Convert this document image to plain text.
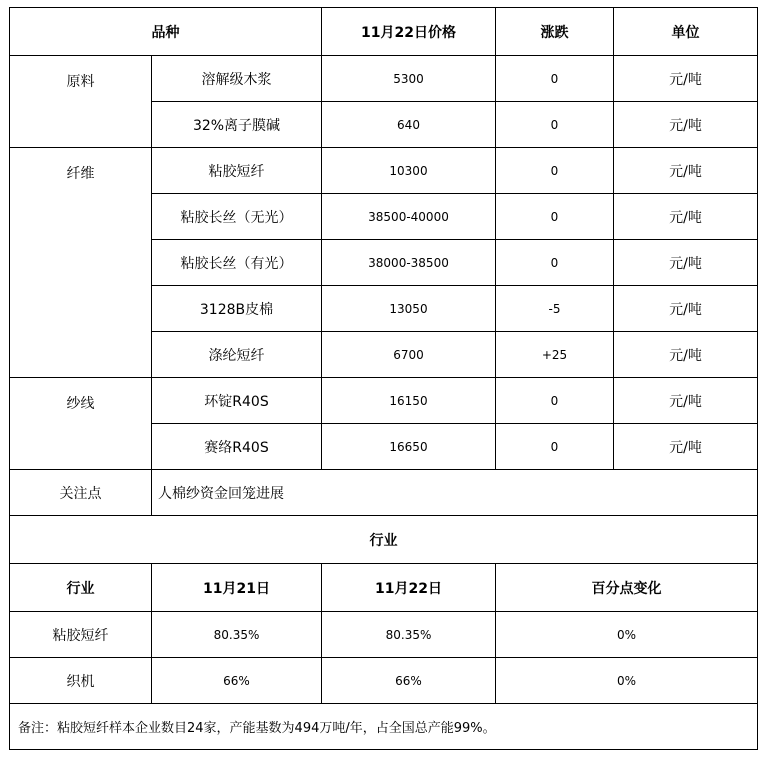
品种		11月22日价格	涨跌	单位
原料	溶解级木浆	5300	0	元/吨
	32%离子膜碱	640	0	元/吨
纤维	粘胶短纤	10300	0	元/吨
	粘胶长丝（无光）	38500-40000	0	元/吨
	粘胶长丝（有光）	38000-38500	0	元/吨
	3128B皮棉	13050	-5	元/吨
	涤纶短纤	6700	+25	元/吨
纱线	环锭R40S	16150	0	元/吨
	赛络R40S	16650	0	元/吨
关注点	人棉纱资金回笼进展			
行业				
行业	11月21日	11月22日	百分点变化	
粘胶短纤	80.35%	80.35%	0%	
织机	66%	66%	0%	
备注：粘胶短纤样本企业数目24家，产能基数为494万吨/年，占全国总产能99%。				
